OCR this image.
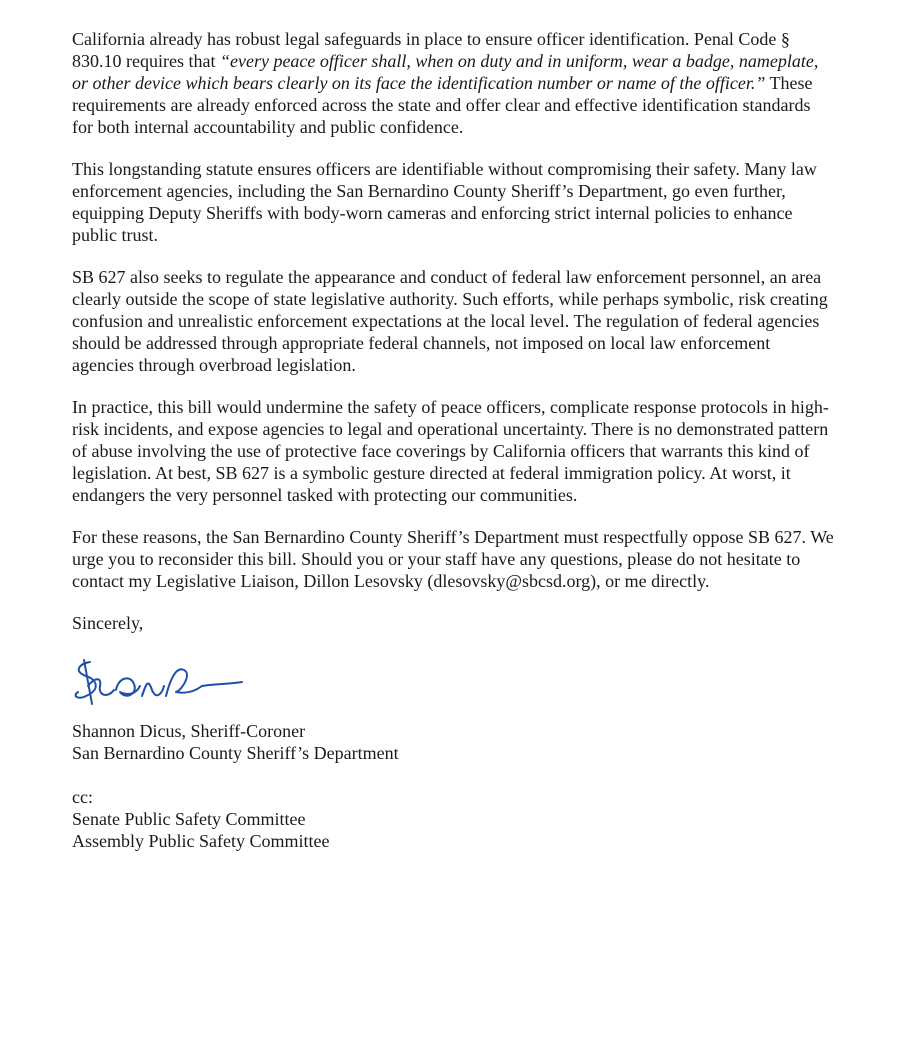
California already has robust legal safeguards in place to ensure officer identification. Penal Code § 830.10 requires that “every peace officer shall, when on duty and in uniform, wear a badge, nameplate, or other device which bears clearly on its face the identification number or name of the officer.” These requirements are already enforced across the state and offer clear and effective identification standards for both internal accountability and public confidence.

This longstanding statute ensures officers are identifiable without compromising their safety. Many law enforcement agencies, including the San Bernardino County Sheriff’s Department, go even further, equipping Deputy Sheriffs with body-worn cameras and enforcing strict internal policies to enhance public trust.

SB 627 also seeks to regulate the appearance and conduct of federal law enforcement personnel, an area clearly outside the scope of state legislative authority. Such efforts, while perhaps symbolic, risk creating confusion and unrealistic enforcement expectations at the local level. The regulation of federal agencies should be addressed through appropriate federal channels, not imposed on local law enforcement agencies through overbroad legislation.

In practice, this bill would undermine the safety of peace officers, complicate response protocols in high-risk incidents, and expose agencies to legal and operational uncertainty. There is no demonstrated pattern of abuse involving the use of protective face coverings by California officers that warrants this kind of legislation. At best, SB 627 is a symbolic gesture directed at federal immigration policy. At worst, it endangers the very personnel tasked with protecting our communities.

For these reasons, the San Bernardino County Sheriff’s Department must respectfully oppose SB 627. We urge you to reconsider this bill. Should you or your staff have any questions, please do not hesitate to contact my Legislative Liaison, Dillon Lesovsky (dlesovsky@sbcsd.org), or me directly.

Sincerely,

Shannon Dicus, Sheriff-Coroner

San Bernardino County Sheriff’s Department

cc:

Senate Public Safety Committee

Assembly Public Safety Committee
